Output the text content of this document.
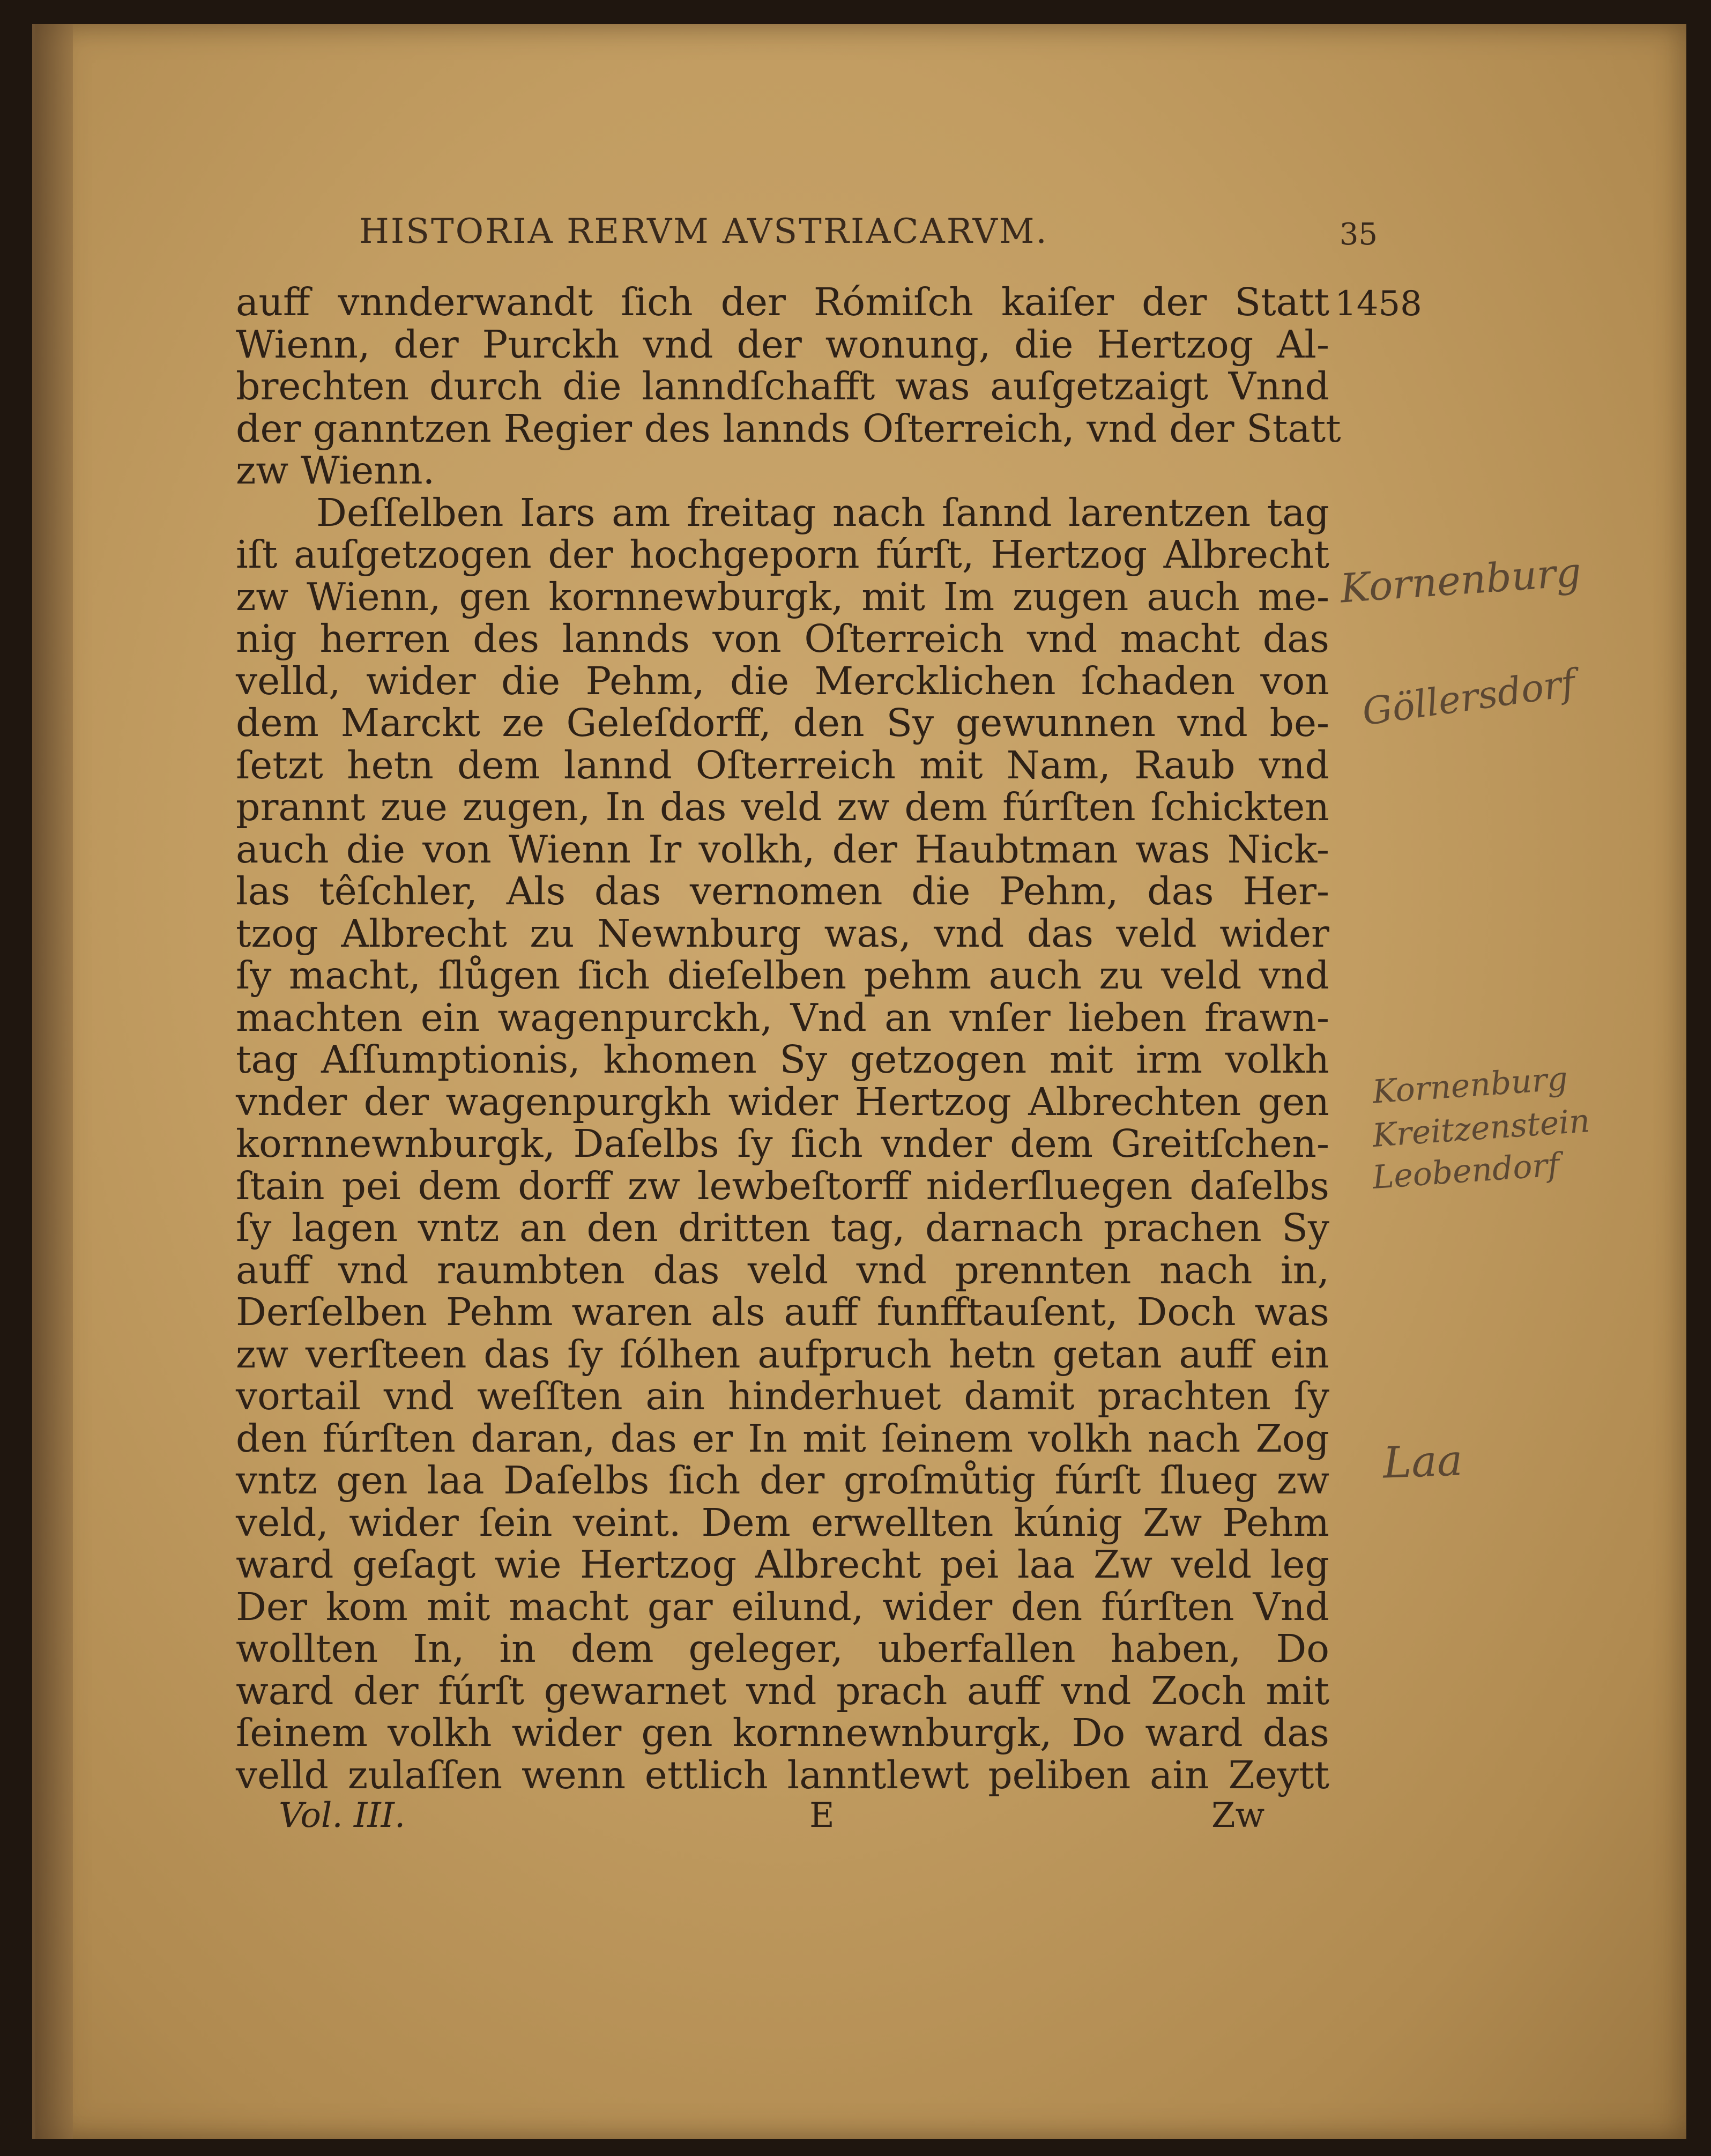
HISTORIA RERVM AVSTRIACARVM.	35
1458
auff vnnderwandt ſich der Rómiſch kaiſer der Statt
Wienn, der Purckh vnd der wonung, die Hertzog Al-
brechten durch die lanndſchafft was auſgetzaigt Vnnd
der ganntzen Regier des lannds Oſterreich, vnd der Statt
zw Wienn.
Deſſelben Iars am freitag nach ſannd larentzen tag
iſt auſgetzogen der hochgeporn fúrſt, Hertzog Albrecht
zw Wienn, gen kornnewburgk, mit Im zugen auch me-
nig herren des lannds von Oſterreich vnd macht das
velld, wider die Pehm, die Mercklichen ſchaden von
dem Marckt ze Geleſdorff, den Sy gewunnen vnd be-
ſetzt hetn dem lannd Oſterreich mit Nam, Raub vnd
prannt zue zugen, In das veld zw dem fúrſten ſchickten
auch die von Wienn Ir volkh, der Haubtman was Nick-
las têſchler, Als das vernomen die Pehm, das Her-
tzog Albrecht zu Newnburg was, vnd das veld wider
ſy macht, ſlůgen ſich dieſelben pehm auch zu veld vnd
machten ein wagenpurckh, Vnd an vnſer lieben frawn-
tag Aſſumptionis, khomen Sy getzogen mit irm volkh
vnder der wagenpurgkh wider Hertzog Albrechten gen
kornnewnburgk, Daſelbs ſy ſich vnder dem Greitſchen-
ſtain pei dem dorff zw lewbeſtorff niderſluegen daſelbs
ſy lagen vntz an den dritten tag, darnach prachen Sy
auff vnd raumbten das veld vnd prennten nach in,
Derſelben Pehm waren als auff funfftauſent, Doch was
zw verſteen das ſy ſólhen aufpruch hetn getan auff ein
vortail vnd weſſten ain hinderhuet damit prachten ſy
den fúrſten daran, das er In mit ſeinem volkh nach Zog
vntz gen laa Daſelbs ſich der groſmůtig fúrſt ſlueg zw
veld, wider ſein veint. Dem erwellten kúnig Zw Pehm
ward geſagt wie Hertzog Albrecht pei laa Zw veld leg
Der kom mit macht gar eilund, wider den fúrſten Vnd
wollten In, in dem geleger, uberfallen haben, Do
ward der fúrſt gewarnet vnd prach auff vnd Zoch mit
ſeinem volkh wider gen kornnewnburgk, Do ward das
velld zulaſſen wenn ettlich lanntlewt peliben ain Zeytt
Vol. III.	E	Zw
Kornenburg
Göllersdorf
Kornenburg
Kreitzenstein
Leobendorf
Laa
